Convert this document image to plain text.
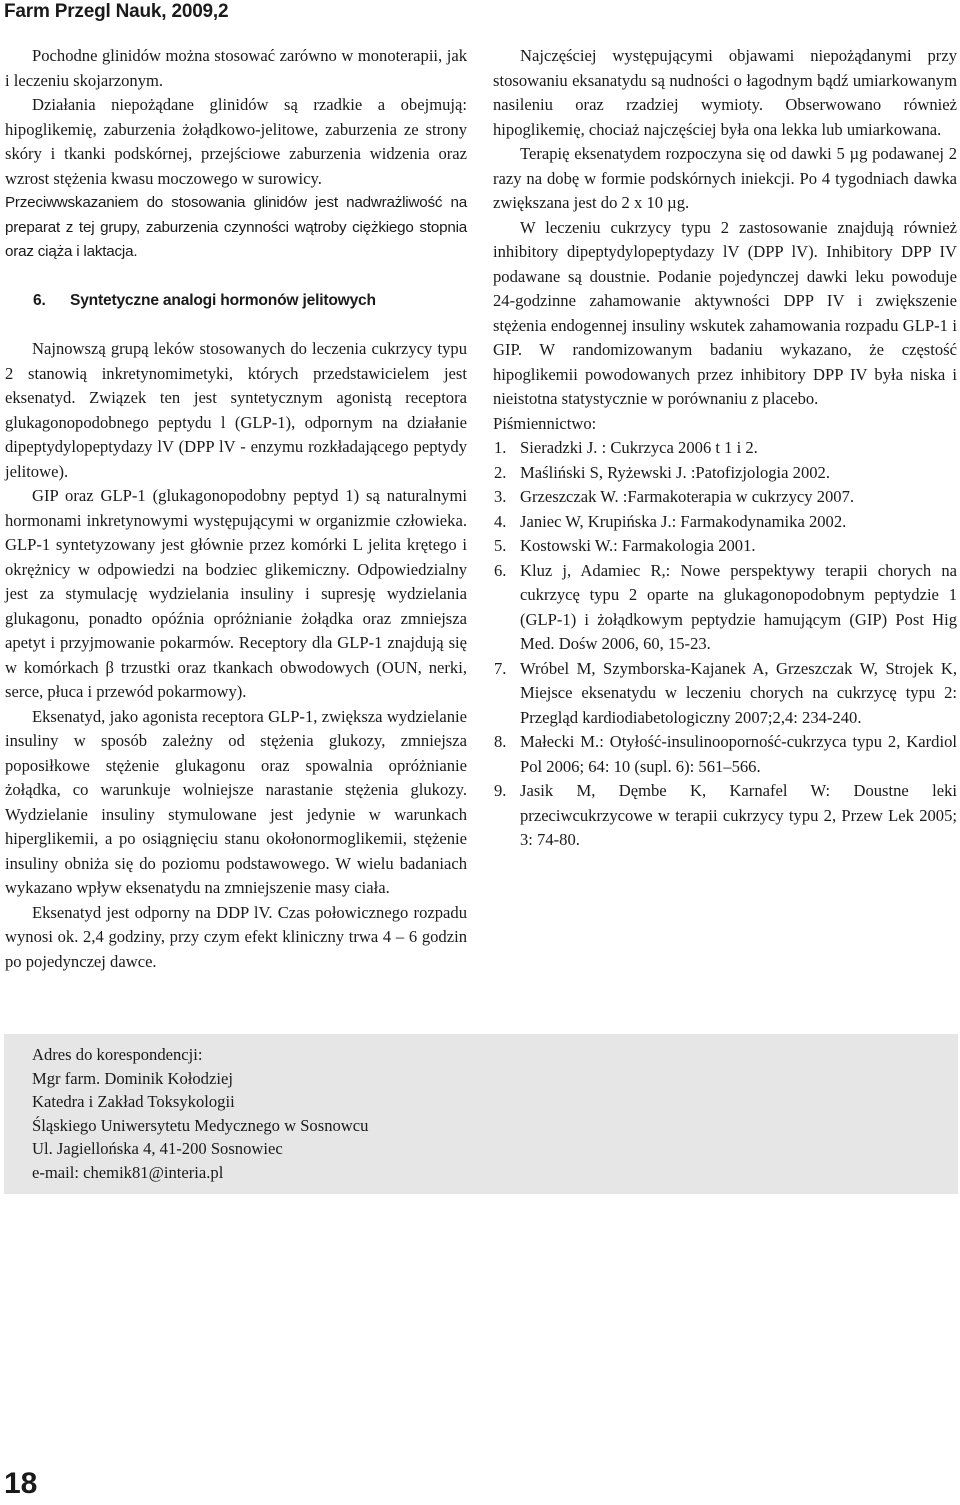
Farm Przegl Nauk, 2009,2

Pochodne glinidów można stosować zarówno w monoterapii, jak i leczeniu skojarzonym.

Działania niepożądane glinidów są rzadkie a obejmują: hipoglikemię, zaburzenia żołądkowo-jelitowe, zaburzenia ze strony skóry i tkanki podskórnej, przejściowe zaburzenia widzenia oraz wzrost stężenia kwasu moczowego w surowicy.

Przeciwwskazaniem do stosowania glinidów jest nadwrażliwość na preparat z tej grupy, zaburzenia czynności wątroby ciężkiego stopnia oraz ciąża i laktacja.

6. Syntetyczne analogi hormonów jelitowych

Najnowszą grupą leków stosowanych do leczenia cukrzycy typu 2 stanowią inkretynomimetyki, których przedstawicielem jest eksenatyd. Związek ten jest syntetycznym agonistą receptora glukagonopodobnego peptydu l (GLP-1), odpornym na działanie dipeptydylopeptydazy lV (DPP lV - enzymu rozkładającego peptydy jelitowe).

GIP oraz GLP-1 (glukagonopodobny peptyd 1) są naturalnymi hormonami inkretynowymi występującymi w organizmie człowieka. GLP-1 syntetyzowany jest głównie przez komórki L jelita krętego i okrężnicy w odpowiedzi na bodziec glikemiczny. Odpowiedzialny jest za stymulację wydzielania insuliny i supresję wydzielania glukagonu, ponadto opóźnia opróżnianie żołądka oraz zmniejsza apetyt i przyjmowanie pokarmów. Receptory dla GLP-1 znajdują się w komórkach β trzustki oraz tkankach obwodowych (OUN, nerki, serce, płuca i przewód pokarmowy).

Eksenatyd, jako agonista receptora GLP-1, zwiększa wydzielanie insuliny w sposób zależny od stężenia glukozy, zmniejsza poposiłkowe stężenie glukagonu oraz spowalnia opróżnianie żołądka, co warunkuje wolniejsze narastanie stężenia glukozy. Wydzielanie insuliny stymulowane jest jedynie w warunkach hiperglikemii, a po osiągnięciu stanu okołonormoglikemii, stężenie insuliny obniża się do poziomu podstawowego. W wielu badaniach wykazano wpływ eksenatydu na zmniejszenie masy ciała.

Eksenatyd jest odporny na DDP lV. Czas połowicznego rozpadu wynosi ok. 2,4 godziny, przy czym efekt kliniczny trwa 4 – 6 godzin po pojedynczej dawce.

Najczęściej występującymi objawami niepożądanymi przy stosowaniu eksanatydu są nudności o łagodnym bądź umiarkowanym nasileniu oraz rzadziej wymioty. Obserwowano również hipoglikemię, chociaż najczęściej była ona lekka lub umiarkowana.

Terapię eksenatydem rozpoczyna się od dawki 5 µg podawanej 2 razy na dobę w formie podskórnych iniekcji. Po 4 tygodniach dawka zwiększana jest do 2 x 10 µg.

W leczeniu cukrzycy typu 2 zastosowanie znajdują również inhibitory dipeptydylopeptydazy lV (DPP lV). Inhibitory DPP IV podawane są doustnie. Podanie pojedynczej dawki leku powoduje 24-godzinne zahamowanie aktywności DPP IV i zwiększenie stężenia endogennej insuliny wskutek zahamowania rozpadu GLP-1 i GIP. W randomizowanym badaniu wykazano, że częstość hipoglikemii powodowanych przez inhibitory DPP IV była niska i nieistotna statystycznie w porównaniu z placebo.

Piśmiennictwo:

1. Sieradzki J. : Cukrzyca 2006 t 1 i 2.
2. Maśliński S, Ryżewski J. :Patofizjologia 2002.
3. Grzeszczak W. :Farmakoterapia w cukrzycy 2007.
4. Janiec W, Krupińska J.: Farmakodynamika 2002.
5. Kostowski W.: Farmakologia 2001.
6. Kluz j, Adamiec R,: Nowe perspektywy terapii chorych na cukrzycę typu 2 oparte na glukagonopodobnym peptydzie 1 (GLP-1) i żołądkowym peptydzie hamującym (GIP) Post Hig Med. Dośw 2006, 60, 15-23.
7. Wróbel M, Szymborska-Kajanek A, Grzeszczak W, Strojek K, Miejsce eksenatydu w leczeniu chorych na cukrzycę typu 2: Przegląd kardiodiabetologiczny 2007;2,4: 234-240.
8. Małecki M.: Otyłość-insulinooporność-cukrzyca typu 2, Kardiol Pol 2006; 64: 10 (supl. 6): 561–566.
9. Jasik M, Dęmbe K, Karnafel W: Doustne leki przeciwcukrzycowe w terapii cukrzycy typu 2, Przew Lek 2005; 3: 74-80.
Adres do korespondencji:
Mgr farm. Dominik Kołodziej
Katedra i Zakład Toksykologii
Śląskiego Uniwersytetu Medycznego w Sosnowcu
Ul. Jagiellońska 4, 41-200 Sosnowiec
e-mail: chemik81@interia.pl
18
